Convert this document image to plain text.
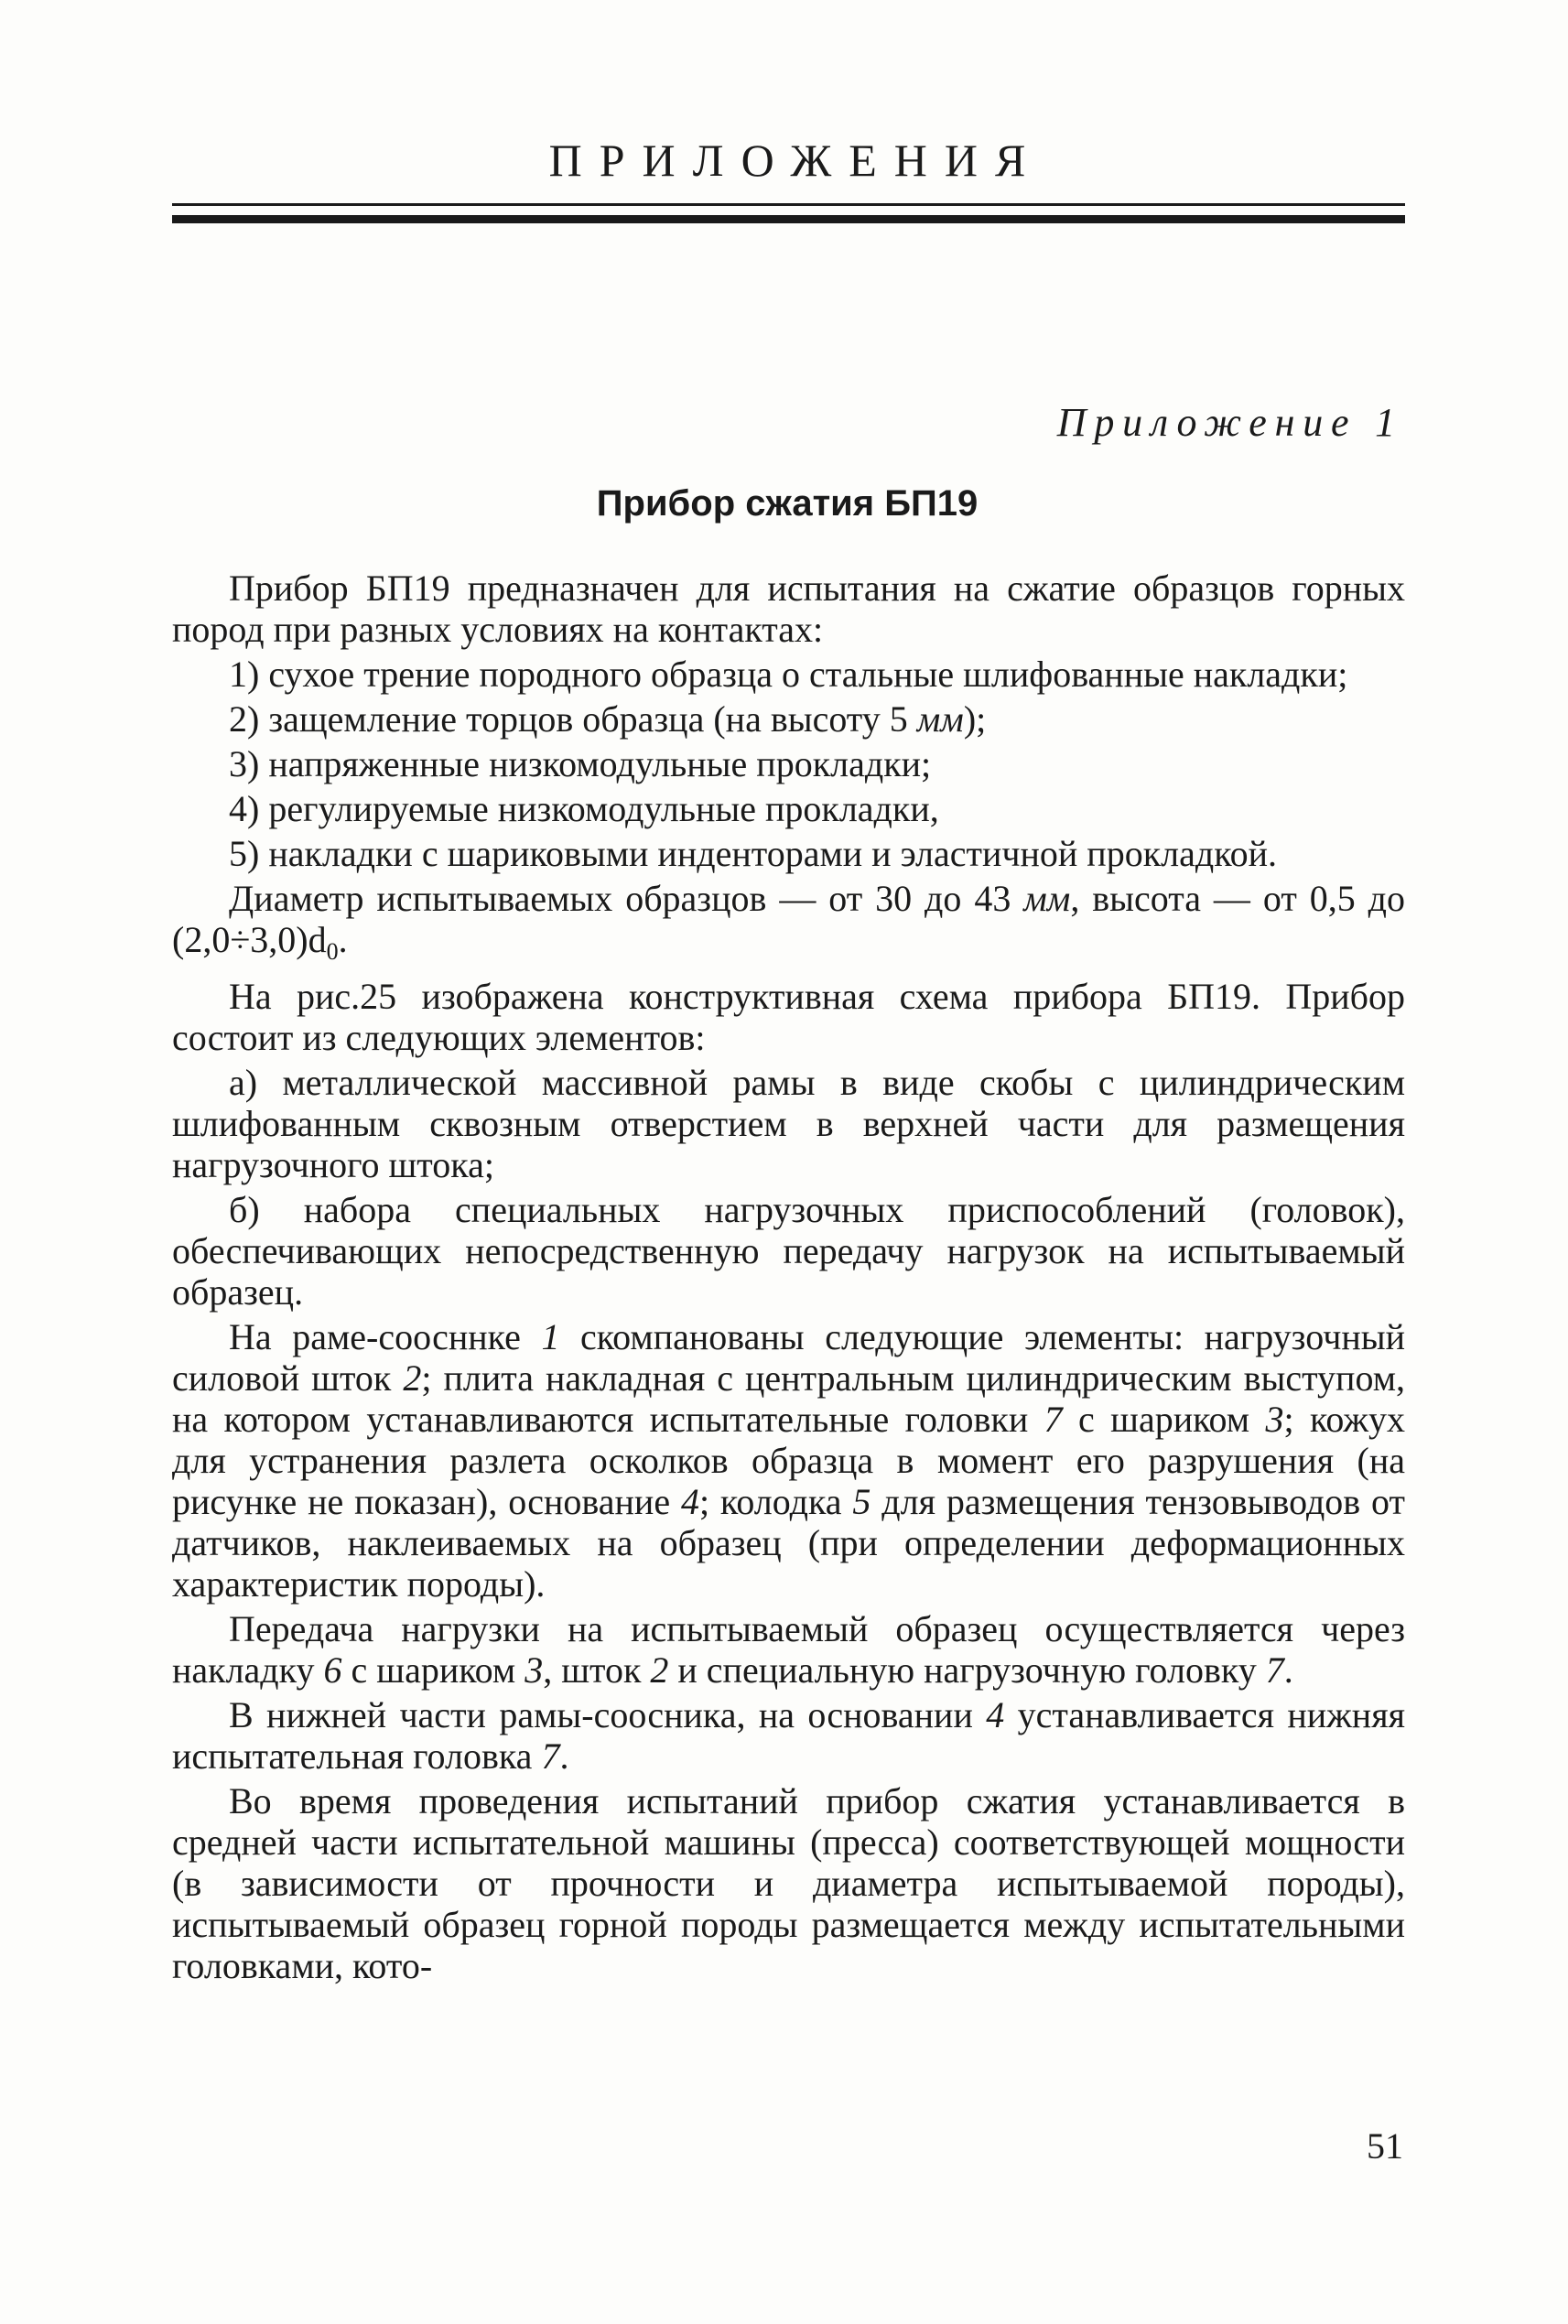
ПРИЛОЖЕНИЯ
Приложение 1
Прибор сжатия БП19

Прибор БП19 предназначен для испытания на сжатие образцов горных пород при разных условиях на контактах:

1) сухое трение породного образца о стальные шлифованные накладки;

2) защемление торцов образца (на высоту 5 мм);

3) напряженные низкомодульные прокладки;

4) регулируемые низкомодульные прокладки,

5) накладки с шариковыми инденторами и эластичной прокладкой.

Диаметр испытываемых образцов — от 30 до 43 мм, высота — от 0,5 до $(2,0\div 3,0)d_0$.

На рис.25 изображена конструктивная схема прибора БП19. Прибор состоит из следующих элементов:

а) металлической массивной рамы в виде скобы с цилиндрическим шлифованным сквозным отверстием в верхней части для размещения нагрузочного штока;

б) набора специальных нагрузочных приспособлений (головок), обеспечивающих непосредственную передачу нагрузок на испытываемый образец.

На раме-соосннке 1 скомпанованы следующие элементы: нагрузочный силовой шток 2; плита накладная с центральным цилиндрическим выступом, на котором устанавливаются испытательные головки 7 с шариком 3; кожух для устранения разлета осколков образца в момент его разрушения (на рисунке не показан), основание 4; колодка 5 для размещения тензовыводов от датчиков, наклеиваемых на образец (при определении деформационных характеристик породы).

Передача нагрузки на испытываемый образец осуществляется через накладку 6 с шариком 3, шток 2 и специальную нагрузочную головку 7.

В нижней части рамы-соосника, на основании 4 устанавливается нижняя испытательная головка 7.

Во время проведения испытаний прибор сжатия устанавливается в средней части испытательной машины (пресса) соответствующей мощности (в зависимости от прочности и диаметра испытываемой породы), испытываемый образец горной породы размещается между испытательными головками, кото-

51
